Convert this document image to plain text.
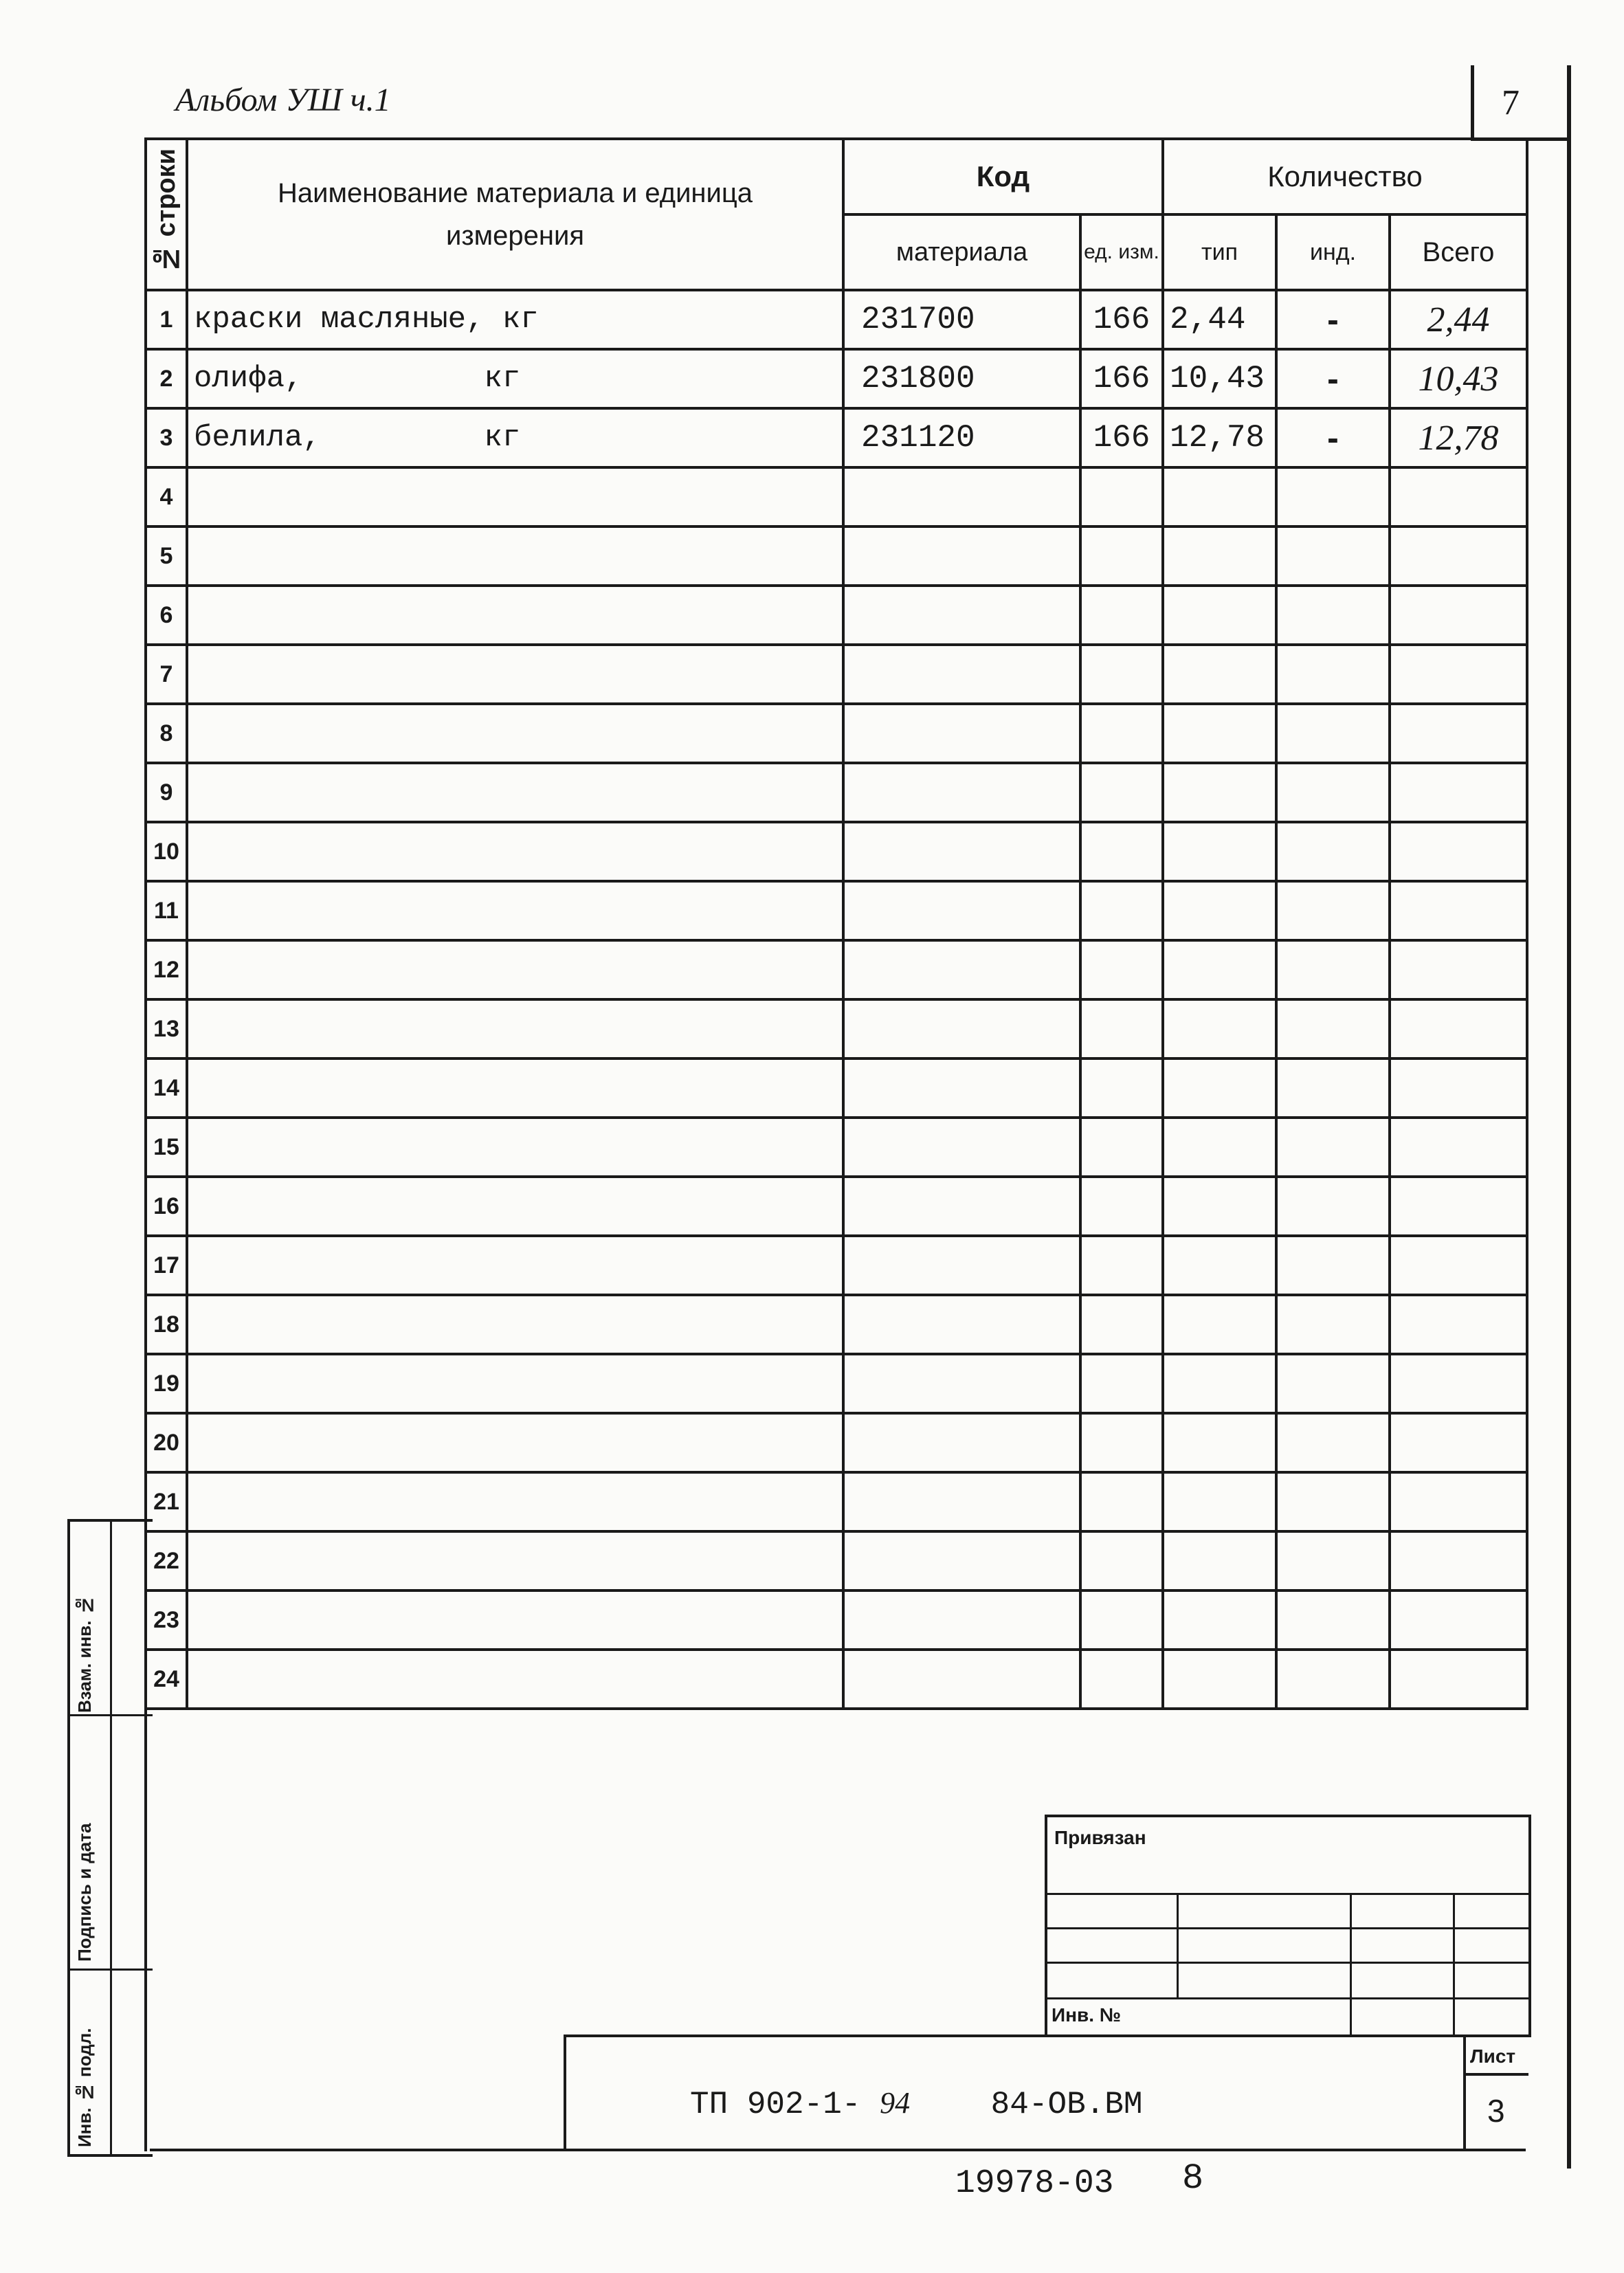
Альбом УШ ч.1	7
№ строки	Наименование материала и единица измерения	Код		Количество		
		материала	ед. изм.	тип	инд.	Всего
1	краски масляные, кг	231700	166	2,44	-	2,44
2	олифа,          кг	231800	166	10,43	-	10,43
3	белила,         кг	231120	166	12,78	-	12,78
4						
5						
6						
7						
8						
9						
10						
11						
12						
13						
14						
15						
16						
17						
18						
19						
20						
21						
22						
23						
24						
Взам. инв. №
Подпись и дата
Инв. № подл.
Привязан
Инв. №
ТП 902-1- 94	84-ОВ.ВМ
Лист
3
19978-03 8
